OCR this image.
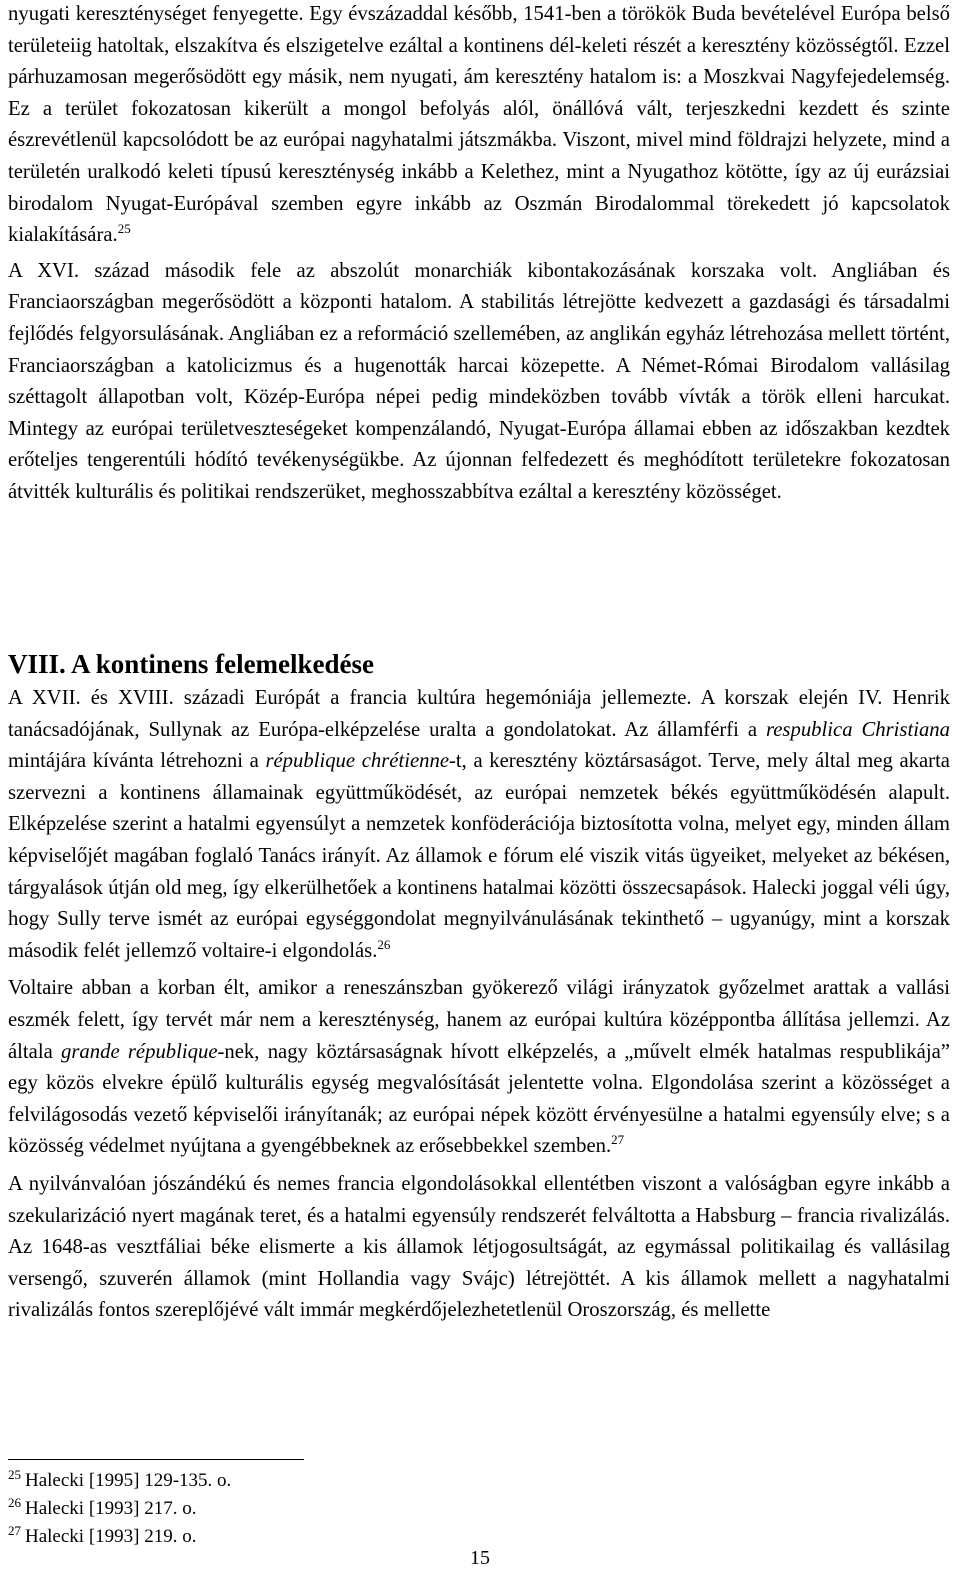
nyugati kereszténységet fenyegette. Egy évszázaddal később, 1541-ben a törökök Buda bevételével Európa belső területeiig hatoltak, elszakítva és elszigetelve ezáltal a kontinens dél-keleti részét a keresztény közösségtől. Ezzel párhuzamosan megerősödött egy másik, nem nyugati, ám keresztény hatalom is: a Moszkvai Nagyfejedelemség. Ez a terület fokozatosan kikerült a mongol befolyás alól, önállóvá vált, terjeszkedni kezdett és szinte észrevétlenül kapcsolódott be az európai nagyhatalmi játszmákba. Viszont, mivel mind földrajzi helyzete, mind a területén uralkodó keleti típusú kereszténység inkább a Kelethez, mint a Nyugathoz kötötte, így az új eurázsiai birodalom Nyugat-Európával szemben egyre inkább az Oszmán Birodalommal törekedett jó kapcsolatok kialakítására.$^{25}$

A XVI. század második fele az abszolút monarchiák kibontakozásának korszaka volt. Angliában és Franciaországban megerősödött a központi hatalom. A stabilitás létrejötte kedvezett a gazdasági és társadalmi fejlődés felgyorsulásának. Angliában ez a reformáció szellemében, az anglikán egyház létrehozása mellett történt, Franciaországban a katolicizmus és a hugenották harcai közepette. A Német-Római Birodalom vallásilag széttagolt állapotban volt, Közép-Európa népei pedig mindeközben tovább vívták a török elleni harcukat. Mintegy az európai területveszteségeket kompenzálandó, Nyugat-Európa államai ebben az időszakban kezdtek erőteljes tengerentúli hódító tevékenységükbe. Az újonnan felfedezett és meghódított területekre fokozatosan átvitték kulturális és politikai rendszerüket, meghosszabbítva ezáltal a keresztény közösséget.

VIII. A kontinens felemelkedése

A XVII. és XVIII. századi Európát a francia kultúra hegemóniája jellemezte. A korszak elején IV. Henrik tanácsadójának, Sullynak az Európa-elképzelése uralta a gondolatokat. Az államférfi a respublica Christiana mintájára kívánta létrehozni a république chrétienne-t, a keresztény köztársaságot. Terve, mely által meg akarta szervezni a kontinens államainak együttműködését, az európai nemzetek békés együttműködésén alapult. Elképzelése szerint a hatalmi egyensúlyt a nemzetek konföderációja biztosította volna, melyet egy, minden állam képviselőjét magában foglaló Tanács irányít. Az államok e fórum elé viszik vitás ügyeiket, melyeket az békésen, tárgyalások útján old meg, így elkerülhetőek a kontinens hatalmai közötti összecsapások. Halecki joggal véli úgy, hogy Sully terve ismét az európai egységgondolat megnyilvánulásának tekinthető – ugyanúgy, mint a korszak második felét jellemző voltaire-i elgondolás.$^{26}$

Voltaire abban a korban élt, amikor a reneszánszban gyökerező világi irányzatok győzelmet arattak a vallási eszmék felett, így tervét már nem a kereszténység, hanem az európai kultúra középpontba állítása jellemzi. Az általa grande république-nek, nagy köztársaságnak hívott elképzelés, a „művelt elmék hatalmas respublikája” egy közös elvekre épülő kulturális egység megvalósítását jelentette volna. Elgondolása szerint a közösséget a felvilágosodás vezető képviselői irányítanák; az európai népek között érvényesülne a hatalmi egyensúly elve; s a közösség védelmet nyújtana a gyengébbeknek az erősebbekkel szemben.$^{27}$

A nyilvánvalóan jószándékú és nemes francia elgondolásokkal ellentétben viszont a valóságban egyre inkább a szekularizáció nyert magának teret, és a hatalmi egyensúly rendszerét felváltotta a Habsburg – francia rivalizálás. Az 1648-as vesztfáliai béke elismerte a kis államok létjogosultságát, az egymással politikailag és vallásilag versengő, szuverén államok (mint Hollandia vagy Svájc) létrejöttét. A kis államok mellett a nagyhatalmi rivalizálás fontos szereplőjévé vált immár megkérdőjelezhetetlenül Oroszország, és mellette

$^{25}$ Halecki [1995] 129-135. o.
$^{26}$ Halecki [1993] 217. o.
$^{27}$ Halecki [1993] 219. o.
15
